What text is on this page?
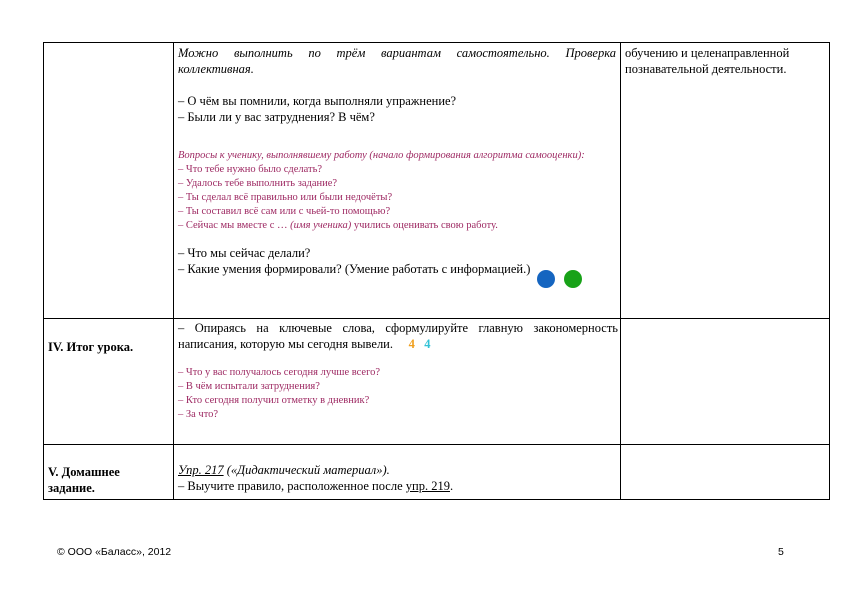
Можно выполнить по трём вариантам самостоятельно. Проверка коллективная.

– О чём вы помнили, когда выполняли упражнение?

– Были ли у вас затруднения? В чём?

Вопросы к ученику, выполнявшему работу (начало формирования алгоритма самооценки):

– Что тебе нужно было сделать?

– Удалось тебе выполнить задание?

– Ты сделал всё правильно или были недочёты?

– Ты составил всё сам или с чьей-то помощью?

– Сейчас мы вместе с … (имя ученика) учились оценивать свою работу.

– Что мы сейчас делали?

– Какие умения формировали? (Умение работать с информацией.)

обучению и целенаправленной познавательной деятельности.

IV. Итог урока.

– Опираясь на ключевые слова, сформулируйте главную закономерность написания, которую мы сегодня вывели. 4 4

– Что у вас получалось сегодня лучше всего?

– В чём испытали затруднения?

– Кто сегодня получил отметку в дневник?

– За что?

V. Домашнее

задание.

Упр. 217 («Дидактический материал»).

– Выучите правило, расположенное после упр. 219.

© ООО «Баласс», 2012	5
